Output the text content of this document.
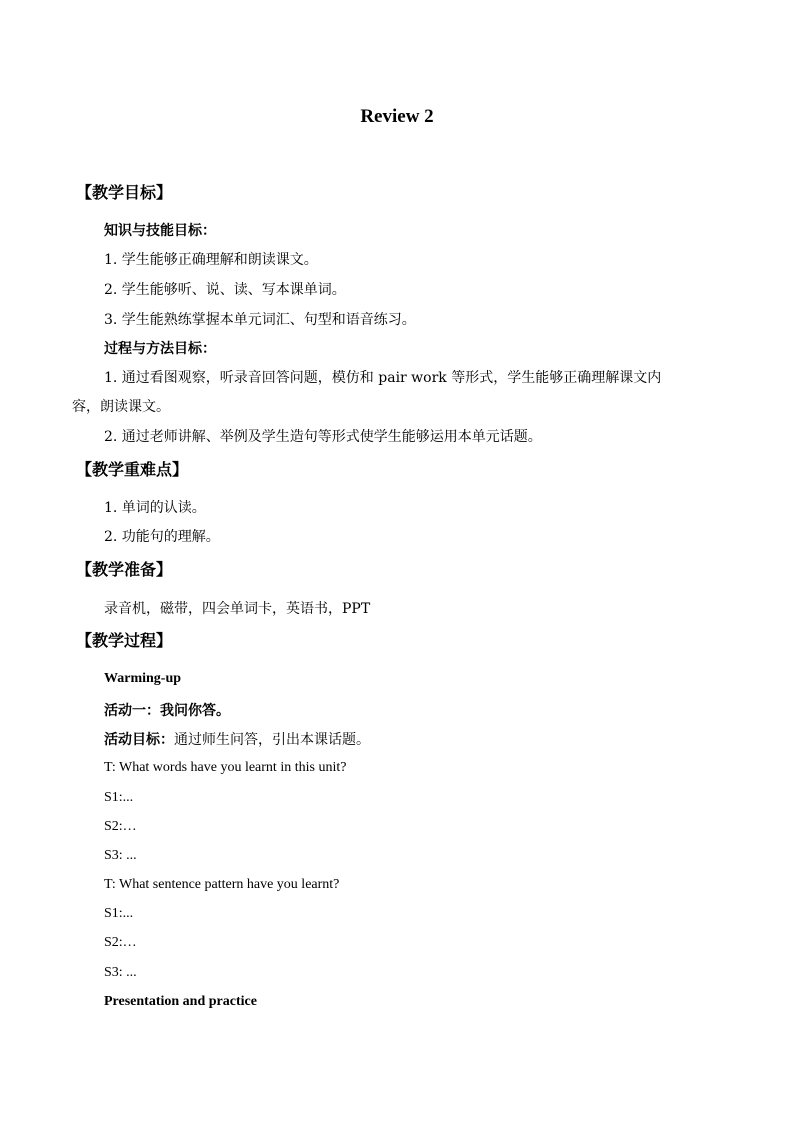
Review 2
【教学目标】
知识与技能目标：
1. 学生能够正确理解和朗读课文。
2. 学生能够听、说、读、写本课单词。
3. 学生能熟练掌握本单元词汇、句型和语音练习。
过程与方法目标：
1. 通过看图观察，听录音回答问题，模仿和 pair work 等形式，学生能够正确理解课文内
容，朗读课文。
2. 通过老师讲解、举例及学生造句等形式使学生能够运用本单元话题。
【教学重难点】
1. 单词的认读。
2. 功能句的理解。
【教学准备】
录音机，磁带，四会单词卡，英语书，PPT
【教学过程】
Warming-up
活动一：我问你答。
活动目标：通过师生问答，引出本课话题。
T: What words have you learnt in this unit?
S1:...
S2:…
S3: ...
T: What sentence pattern have you learnt?
S1:...
S2:…
S3: ...
Presentation and practice
